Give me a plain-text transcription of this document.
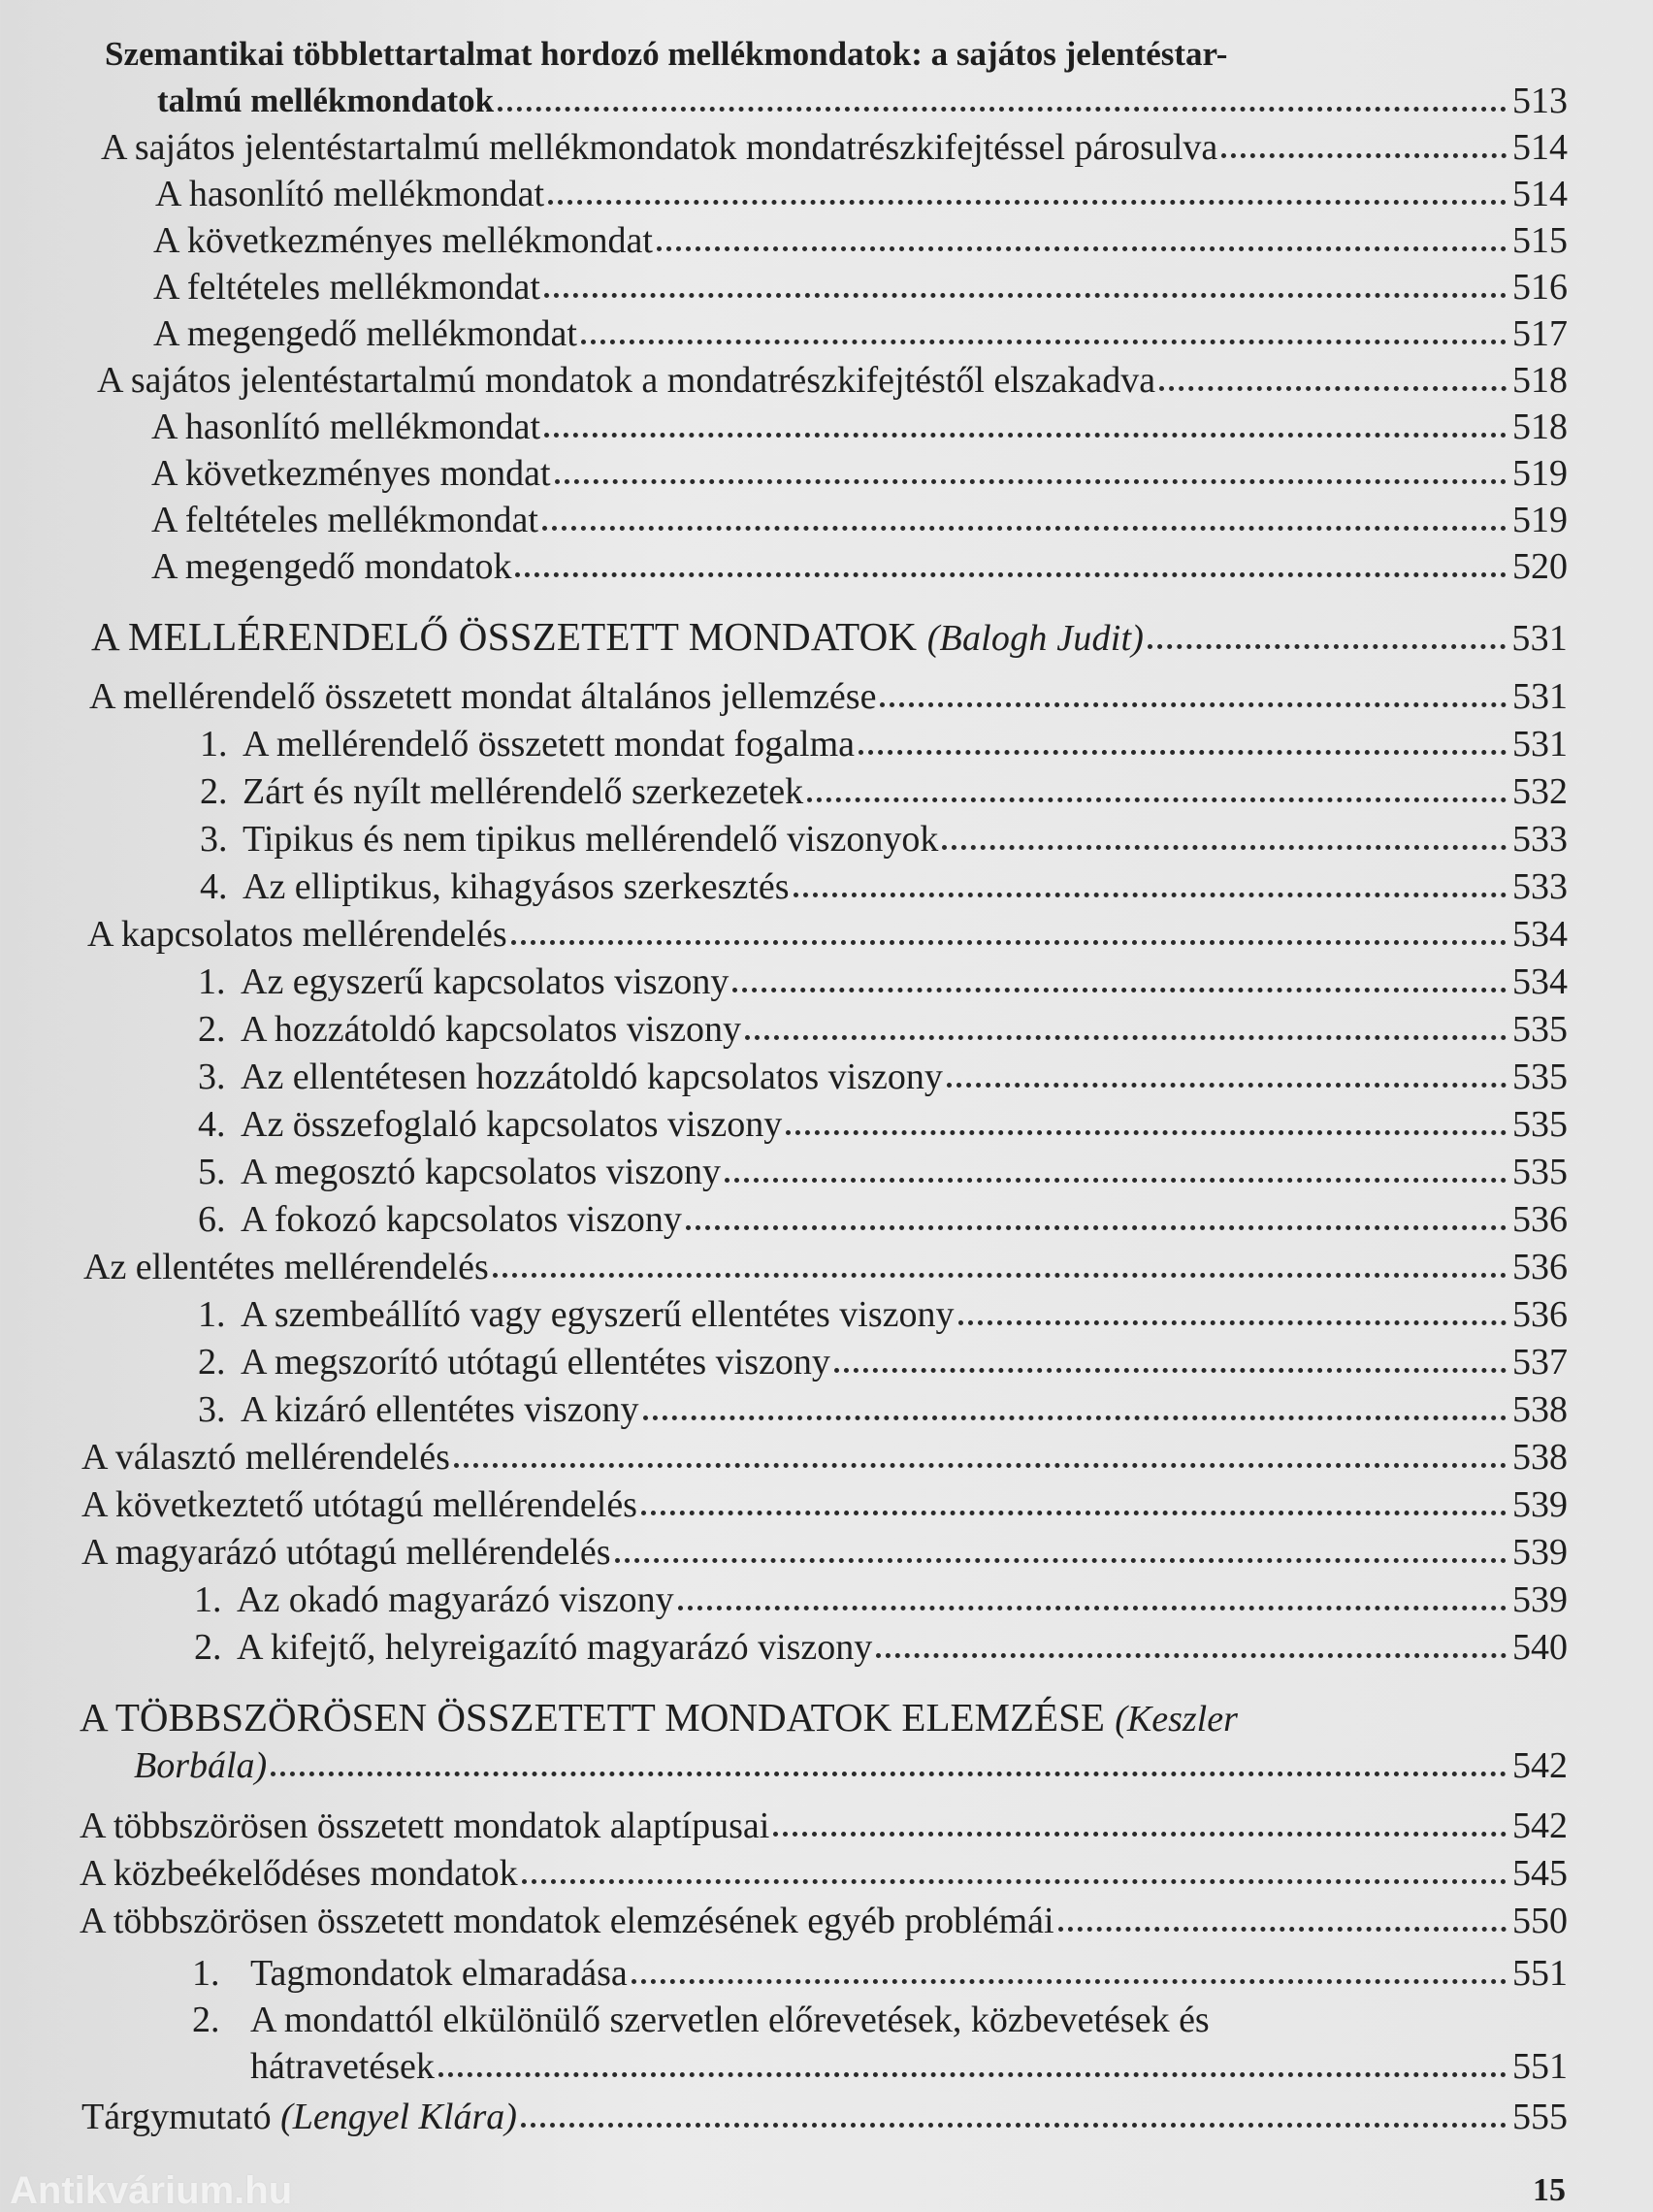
Szemantikai többlettartalmat hordozó mellékmondatok: a sajátos jelentéstar-
talmú mellékmondatok	513
A sajátos jelentéstartalmú mellékmondatok mondatrészkifejtéssel párosulva	514
A hasonlító mellékmondat	514
A következményes mellékmondat	515
A feltételes mellékmondat	516
A megengedő mellékmondat	517
A sajátos jelentéstartalmú mondatok a mondatrészkifejtéstől elszakadva	518
A hasonlító mellékmondat	518
A következményes mondat	519
A feltételes mellékmondat	519
A megengedő mondatok	520
A MELLÉRENDELŐ ÖSSZETETT MONDATOK (Balogh Judit)	531
A mellérendelő összetett mondat általános jellemzése	531
1. A mellérendelő összetett mondat fogalma	531
2. Zárt és nyílt mellérendelő szerkezetek	532
3. Tipikus és nem tipikus mellérendelő viszonyok	533
4. Az elliptikus, kihagyásos szerkesztés	533
A kapcsolatos mellérendelés	534
1. Az egyszerű kapcsolatos viszony	534
2. A hozzátoldó kapcsolatos viszony	535
3. Az ellentétesen hozzátoldó kapcsolatos viszony	535
4. Az összefoglaló kapcsolatos viszony	535
5. A megosztó kapcsolatos viszony	535
6. A fokozó kapcsolatos viszony	536
Az ellentétes mellérendelés	536
1. A szembeállító vagy egyszerű ellentétes viszony	536
2. A megszorító utótagú ellentétes viszony	537
3. A kizáró ellentétes viszony	538
A választó mellérendelés	538
A következtető utótagú mellérendelés	539
A magyarázó utótagú mellérendelés	539
1. Az okadó magyarázó viszony	539
2. A kifejtő, helyreigazító magyarázó viszony	540
A TÖBBSZÖRÖSEN ÖSSZETETT MONDATOK ELEMZÉSE (Keszler
Borbála)	542
A többszörösen összetett mondatok alaptípusai	542
A közbeékelődéses mondatok	545
A többszörösen összetett mondatok elemzésének egyéb problémái	550
1. Tagmondatok elmaradása	551
2. A mondattól elkülönülő szervetlen előrevetések, közbevetések és
hátravetések	551
Tárgymutató (Lengyel Klára)	555
Antikvárium.hu	15
